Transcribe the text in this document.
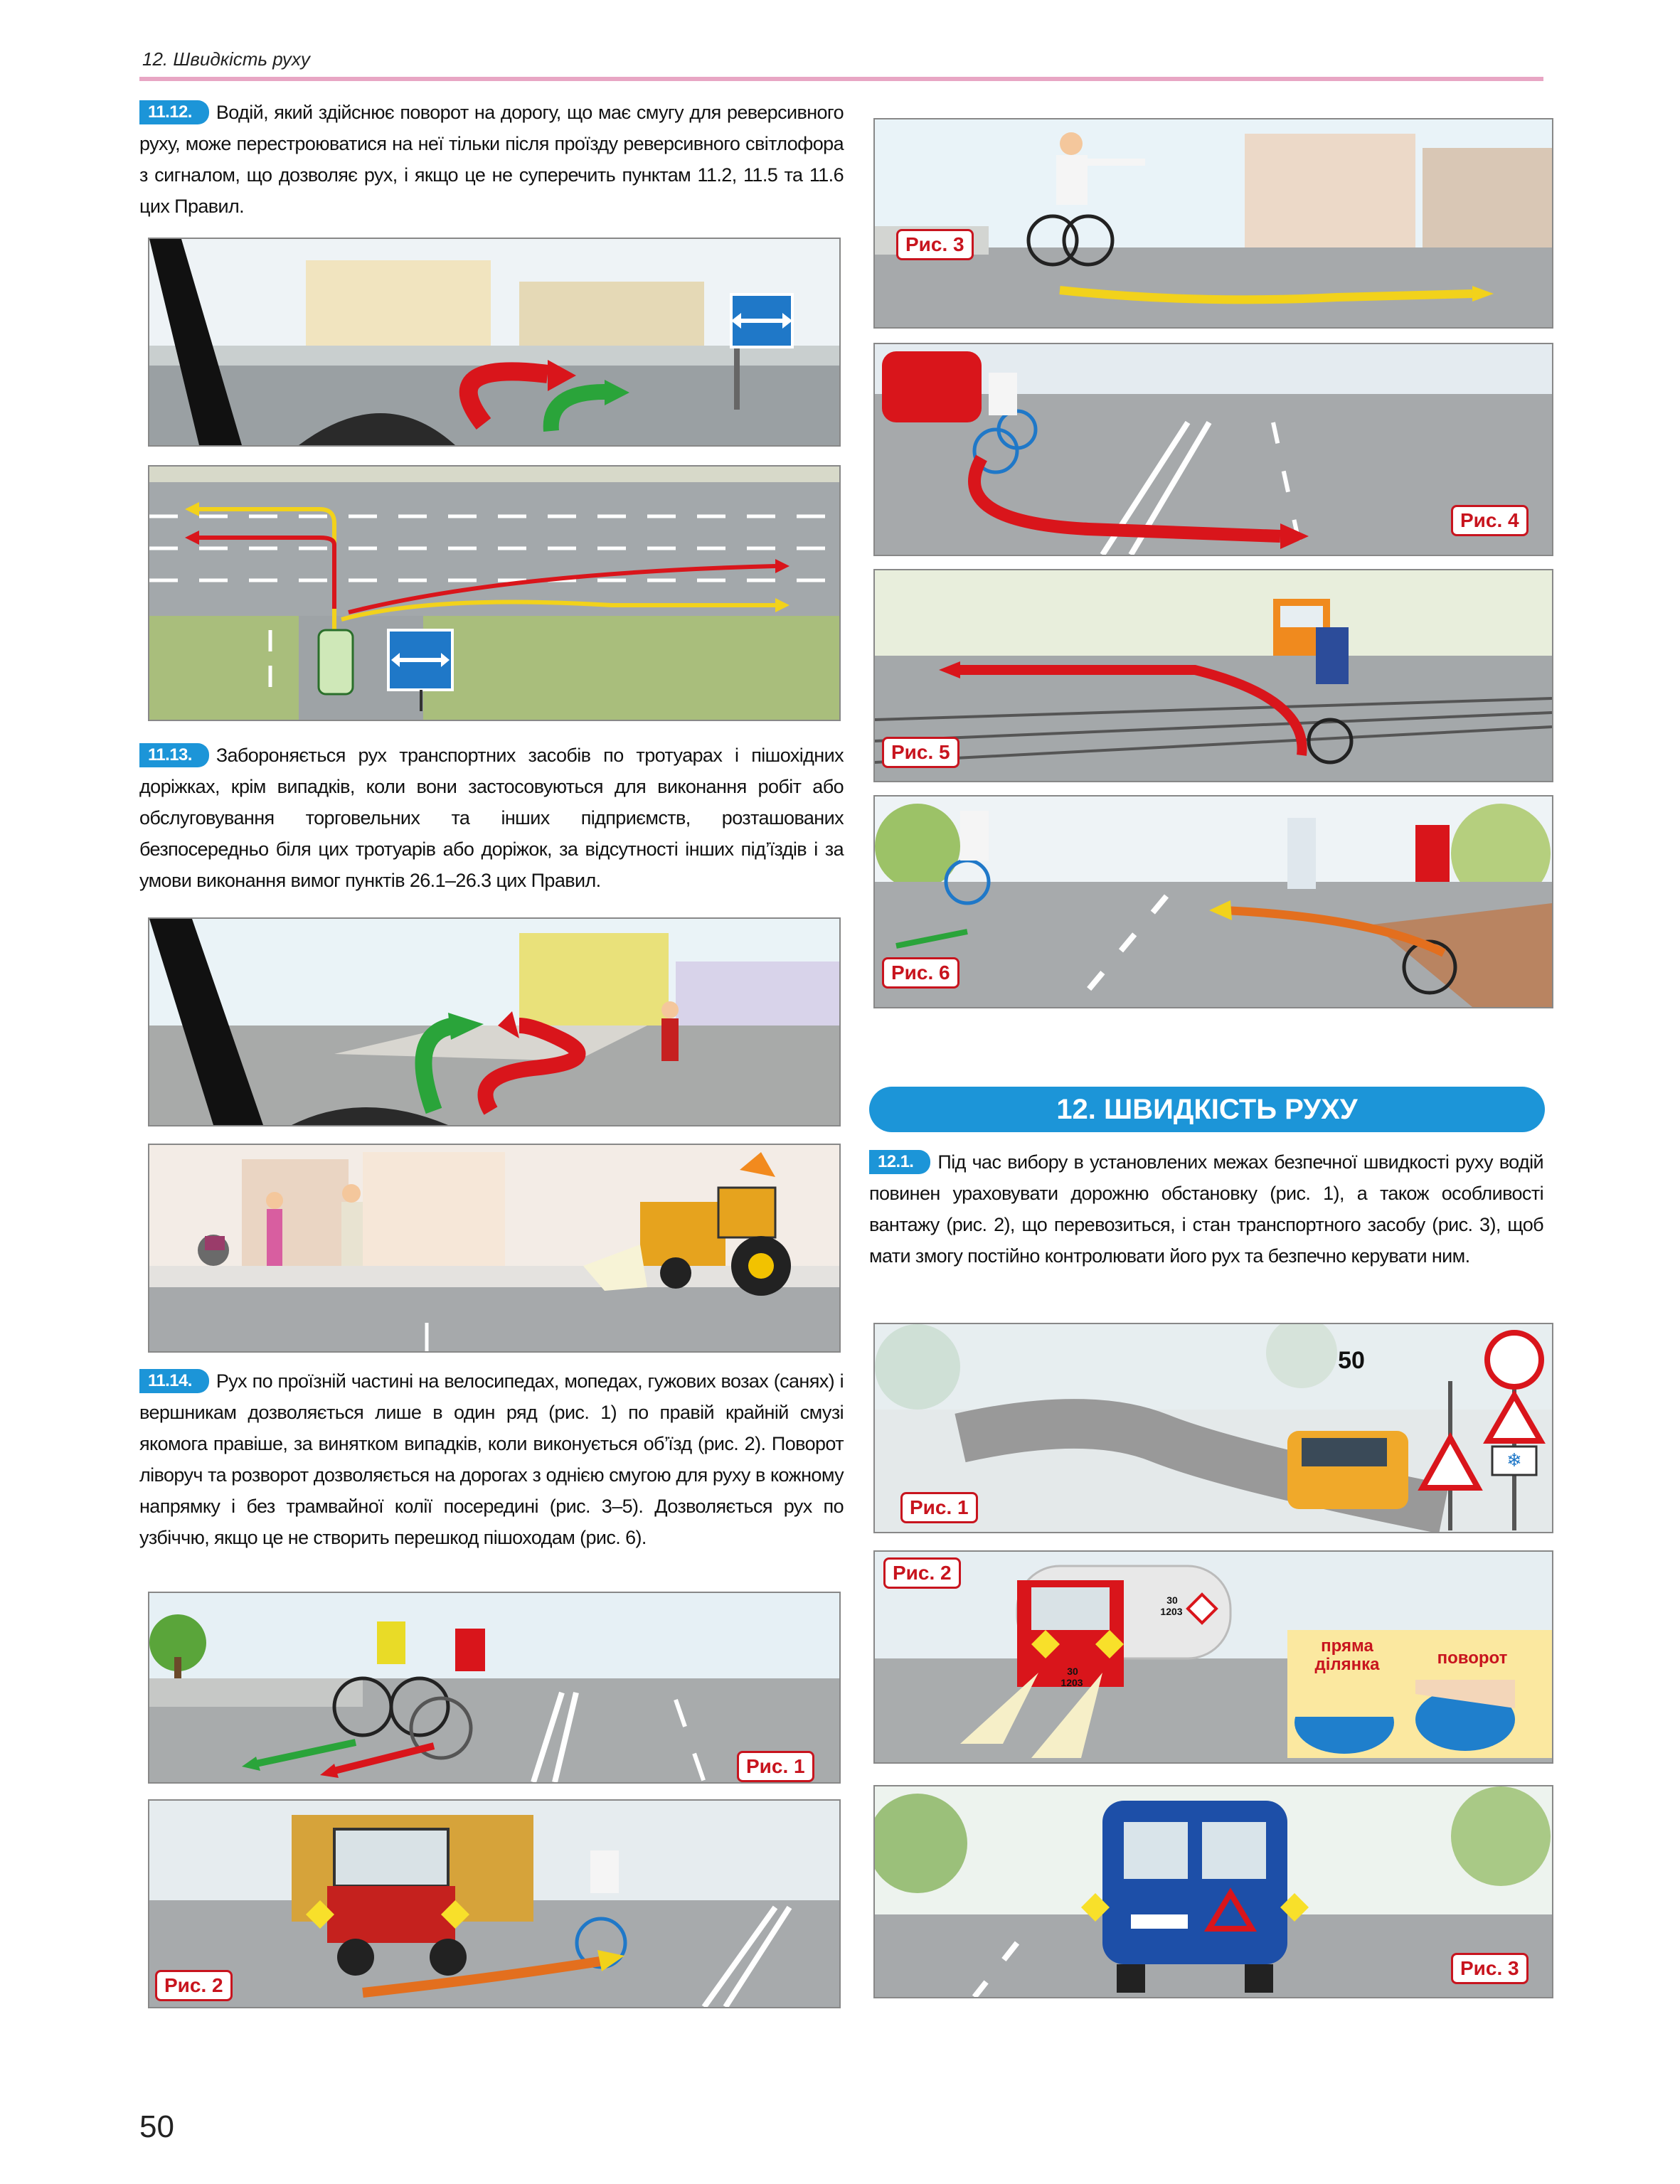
12. Швидкість руху
11.12. Водій, який здійснює поворот на дорогу, що має смугу для реверсивного руху, може перестроюватися на неї тільки після проїзду реверсивного світлофора з сигналом, що дозволяє рух, і якщо це не суперечить пунктам 11.2, 11.5 та 11.6 цих Правил.
11.13. Забороняється рух транспортних засобів по тротуарах і пішохідних доріжках, крім випадків, коли вони застосовуються для виконання робіт або обслуговування торговельних та інших підприємств, розташованих безпосередньо біля цих тротуарів або доріжок, за відсутності інших під’їздів і за умови виконання вимог пунктів 26.1–26.3 цих Правил.
11.14. Рух по проїзній частині на велосипедах, мопедах, гужових возах (санях) і вершникам дозволяється лише в один ряд (рис. 1) по правій крайній смузі якомога правіше, за винятком випадків, коли виконується об’їзд (рис. 2). Поворот ліворуч та розворот дозволяється на дорогах з однією смугою для руху в кожному напрямку і без трамвайної колії посередині (рис. 3–5). Дозволяється рух по узбіччю, якщо це не створить перешкод пішоходам (рис. 6).
Рис. 1
Рис. 2
Рис. 3
Рис. 4
Рис. 5
Рис. 6
12. ШВИДКІСТЬ РУХУ
12.1. Під час вибору в установлених межах безпечної швидкості руху водій повинен ураховувати дорожню обстановку (рис. 1), а також особливості вантажу (рис. 2), що перевозиться, і стан транспортного засобу (рис. 3), щоб мати змогу постійно контролювати його рух та безпечно керувати ним.
❄
50
Рис. 1
30
1203
30
1203
пряма ділянка	поворот
Рис. 2
Рис. 3
50
